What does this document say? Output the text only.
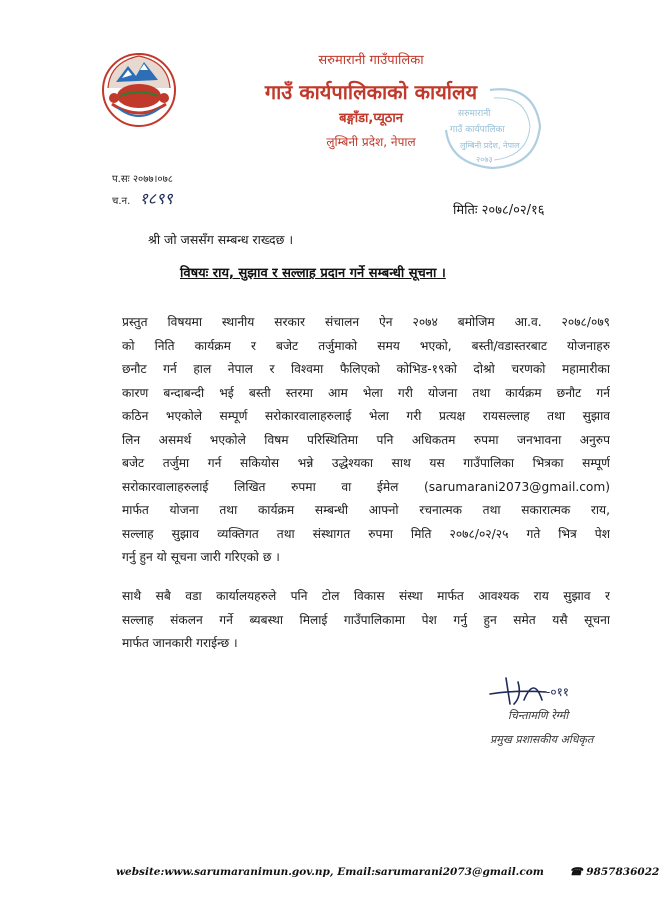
सरुमारानी गाउँपालिका
गाउँ कार्यपालिकाको कार्यालय
बङ्गाँडा,प्यूठान
लुम्बिनी प्रदेश, नेपाल
सरुमारानी
गाउँ कार्यपालिका
लुम्बिनी प्रदेश, नेपाल
२०७३
प.सः २०७७।०७८
च.न. १८९९
मितिः २०७८/०२/१६
श्री जो जससँग सम्बन्ध राख्दछ ।
विषयः राय, सुझाव र सल्लाह प्रदान गर्ने सम्बन्धी सूचना ।
प्रस्तुत विषयमा स्थानीय सरकार संचालन ऐन २०७४ बमोजिम आ.व. २०७८/०७९
को निति कार्यक्रम र बजेट तर्जुमाको समय भएको, बस्ती/वडास्तरबाट योजनाहरु
छनौट गर्न हाल नेपाल र विश्वमा फैलिएको कोभिड-१९को दोश्रो चरणको महामारीका
कारण बन्दाबन्दी भई बस्ती स्तरमा आम भेला गरी योजना तथा कार्यक्रम छनौट गर्न
कठिन भएकोले सम्पूर्ण सरोकारवालाहरुलाई भेला गरी प्रत्यक्ष रायसल्लाह तथा सुझाव
लिन असमर्थ भएकोले विषम परिस्थितिमा पनि अधिकतम रुपमा जनभावना अनुरुप
बजेट तर्जुमा गर्न सकियोस भन्ने उद्धेश्यका साथ यस गाउँपालिका भित्रका सम्पूर्ण
सरोकारवालाहरुलाई लिखित रुपमा वा ईमेल (sarumarani2073@gmail.com)
मार्फत योजना तथा कार्यक्रम सम्बन्धी आफ्नो रचनात्मक तथा सकारात्मक राय,
सल्लाह सुझाव व्यक्तिगत तथा संस्थागत रुपमा मिति २०७८/०२/२५ गते भित्र पेश
गर्नु हुन यो सूचना जारी गरिएको छ ।
साथै सबै वडा कार्यालयहरुले पनि टोल विकास संस्था मार्फत आवश्यक राय सुझाव र
सल्लाह संकलन गर्ने ब्यबस्था मिलाई गाउँपालिकामा पेश गर्नु हुन समेत यसै सूचना
मार्फत जानकारी गराईन्छ ।
-०११
चिन्तामणि रेग्मी
प्रमुख प्रशासकीय अधिकृत
website:www.sarumaranimun.gov.np, Email:sarumarani2073@gmail.com ☎ 9857836022
